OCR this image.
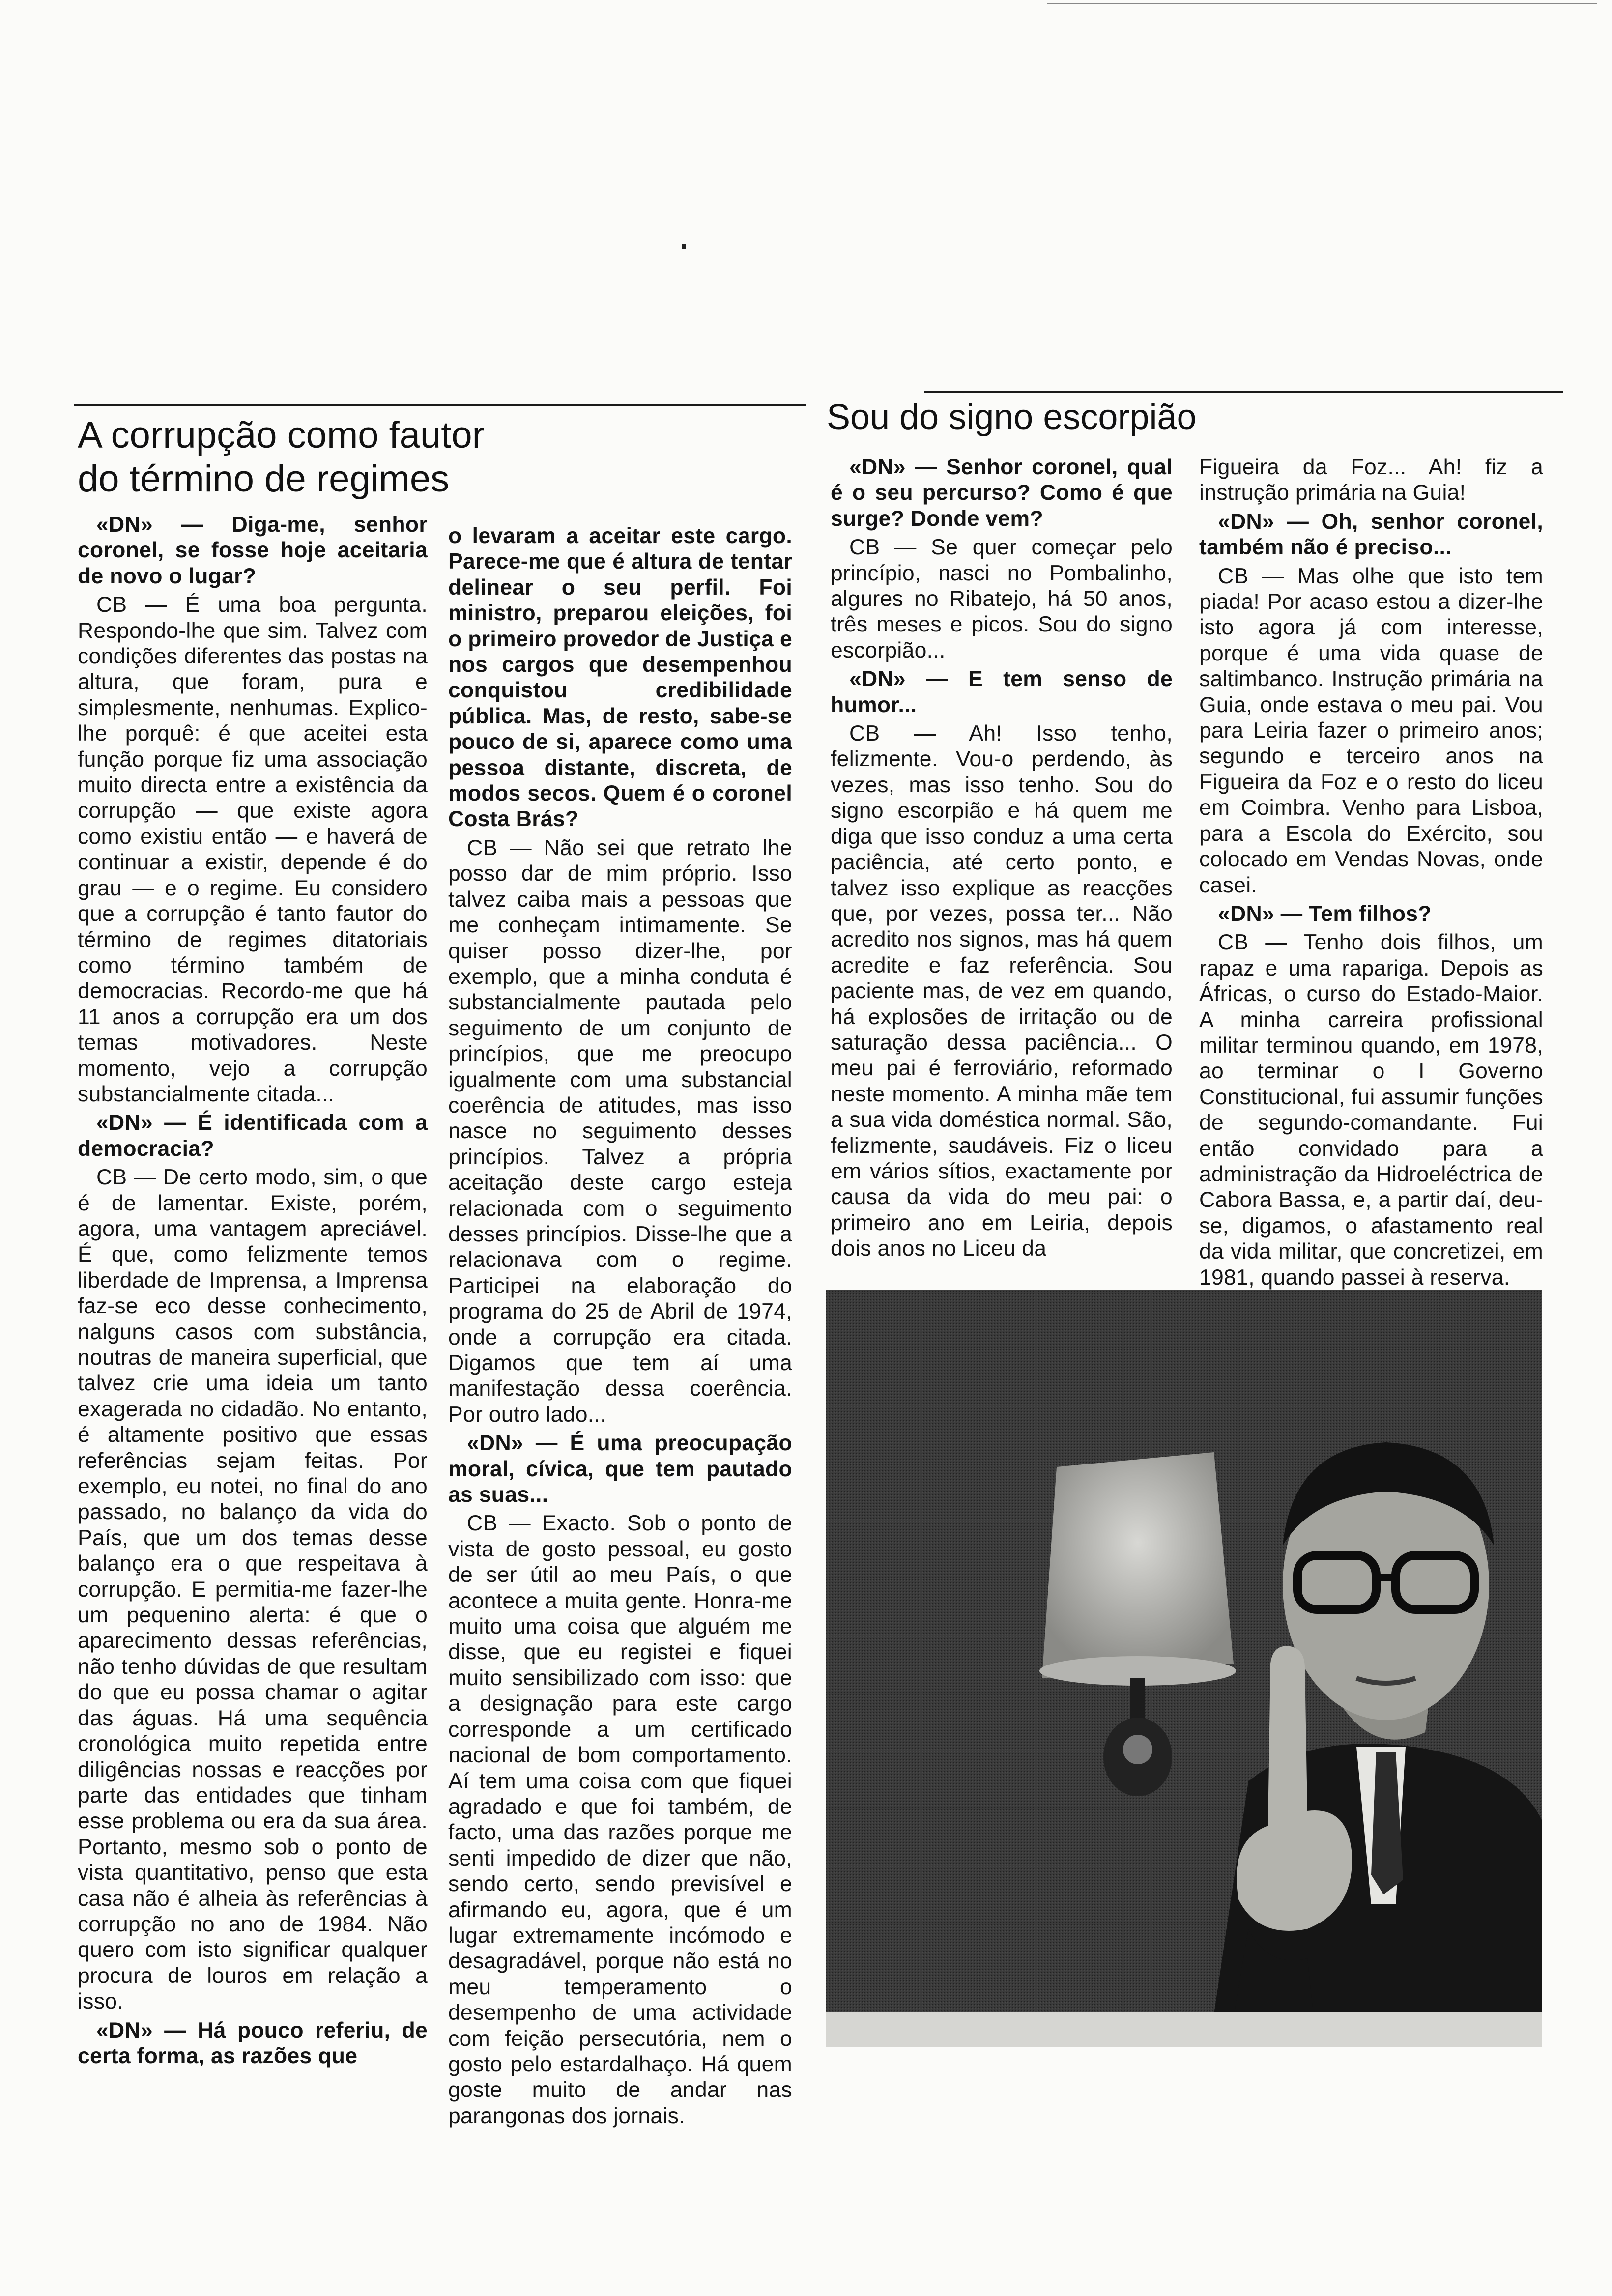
A corrupção como fautor
do término de regimes
Sou do signo escorpião

«DN» — Diga-me, senhor coronel, se fosse hoje aceitaria de novo o lugar?

CB — É uma boa pergunta. Respondo-lhe que sim. Talvez com condições diferentes das postas na altura, que foram, pura e simplesmente, nenhumas. Explico-lhe porquê: é que aceitei esta função porque fiz uma associação muito directa entre a existência da corrupção — que existe agora como existiu então — e haverá de continuar a existir, depende é do grau — e o regime. Eu considero que a corrupção é tanto fautor do término de regimes ditatoriais como término também de democracias. Recordo-me que há 11 anos a corrupção era um dos temas motivadores. Neste momento, vejo a corrupção substancialmente citada...

«DN» — É identificada com a democracia?

CB — De certo modo, sim, o que é de lamentar. Existe, porém, agora, uma vantagem apreciável. É que, como felizmente temos liberdade de Imprensa, a Imprensa faz-se eco desse conhecimento, nalguns casos com substância, noutras de maneira superficial, que talvez crie uma ideia um tanto exagerada no cidadão. No entanto, é altamente positivo que essas referências sejam feitas. Por exemplo, eu notei, no final do ano passado, no balanço da vida do País, que um dos temas desse balanço era o que respeitava à corrupção. E permitia-me fazer-lhe um pequenino alerta: é que o aparecimento dessas referências, não tenho dúvidas de que resultam do que eu possa chamar o agitar das águas. Há uma sequência cronológica muito repetida entre diligências nossas e reacções por parte das entidades que tinham esse problema ou era da sua área. Portanto, mesmo sob o ponto de vista quantitativo, penso que esta casa não é alheia às referências à corrupção no ano de 1984. Não quero com isto significar qualquer procura de louros em relação a isso.

«DN» — Há pouco referiu, de certa forma, as razões que

o levaram a aceitar este cargo. Parece-me que é altura de tentar delinear o seu perfil. Foi ministro, preparou eleições, foi o primeiro provedor de Justiça e nos cargos que desempenhou conquistou credibilidade pública. Mas, de resto, sabe-se pouco de si, aparece como uma pessoa distante, discreta, de modos secos. Quem é o coronel Costa Brás?

CB — Não sei que retrato lhe posso dar de mim próprio. Isso talvez caiba mais a pessoas que me conheçam intimamente. Se quiser posso dizer-lhe, por exemplo, que a minha conduta é substancialmente pautada pelo seguimento de um conjunto de princípios, que me preocupo igualmente com uma substancial coerência de atitudes, mas isso nasce no seguimento desses princípios. Talvez a própria aceitação deste cargo esteja relacionada com o seguimento desses princípios. Disse-lhe que a relacionava com o regime. Participei na elaboração do programa do 25 de Abril de 1974, onde a corrupção era citada. Digamos que tem aí uma manifestação dessa coerência. Por outro lado...

«DN» — É uma preocupação moral, cívica, que tem pautado as suas...

CB — Exacto. Sob o ponto de vista de gosto pessoal, eu gosto de ser útil ao meu País, o que acontece a muita gente. Honra-me muito uma coisa que alguém me disse, que eu registei e fiquei muito sensibilizado com isso: que a designação para este cargo corresponde a um certificado nacional de bom comportamento. Aí tem uma coisa com que fiquei agradado e que foi também, de facto, uma das razões porque me senti impedido de dizer que não, sendo certo, sendo previsível e afirmando eu, agora, que é um lugar extremamente incómodo e desagradável, porque não está no meu temperamento o desempenho de uma actividade com feição persecutória, nem o gosto pelo estardalhaço. Há quem goste muito de andar nas parangonas dos jornais.

«DN» — Senhor coronel, qual é o seu percurso? Como é que surge? Donde vem?

CB — Se quer começar pelo princípio, nasci no Pombalinho, algures no Ribatejo, há 50 anos, três meses e picos. Sou do signo escorpião...

«DN» — E tem senso de humor...

CB — Ah! Isso tenho, felizmente. Vou-o perdendo, às vezes, mas isso tenho. Sou do signo escorpião e há quem me diga que isso conduz a uma certa paciência, até certo ponto, e talvez isso explique as reacções que, por vezes, possa ter... Não acredito nos signos, mas há quem acredite e faz referência. Sou paciente mas, de vez em quando, há explosões de irritação ou de saturação dessa paciência... O meu pai é ferroviário, reformado neste momento. A minha mãe tem a sua vida doméstica normal. São, felizmente, saudáveis. Fiz o liceu em vários sítios, exactamente por causa da vida do meu pai: o primeiro ano em Leiria, depois dois anos no Liceu da

Figueira da Foz... Ah! fiz a instrução primária na Guia!

«DN» — Oh, senhor coronel, também não é preciso...

CB — Mas olhe que isto tem piada! Por acaso estou a dizer-lhe isto agora já com interesse, porque é uma vida quase de saltimbanco. Instrução primária na Guia, onde estava o meu pai. Vou para Leiria fazer o primeiro anos; segundo e terceiro anos na Figueira da Foz e o resto do liceu em Coimbra. Venho para Lisboa, para a Escola do Exército, sou colocado em Vendas Novas, onde casei.

«DN» — Tem filhos?

CB — Tenho dois filhos, um rapaz e uma rapariga. Depois as Áfricas, o curso do Estado-Maior. A minha carreira profissional militar terminou quando, em 1978, ao terminar o I Governo Constitucional, fui assumir funções de segundo-comandante. Fui então convidado para a administração da Hidroeléctrica de Cabora Bassa, e, a partir daí, deu-se, digamos, o afastamento real da vida militar, que concretizei, em 1981, quando passei à reserva.
